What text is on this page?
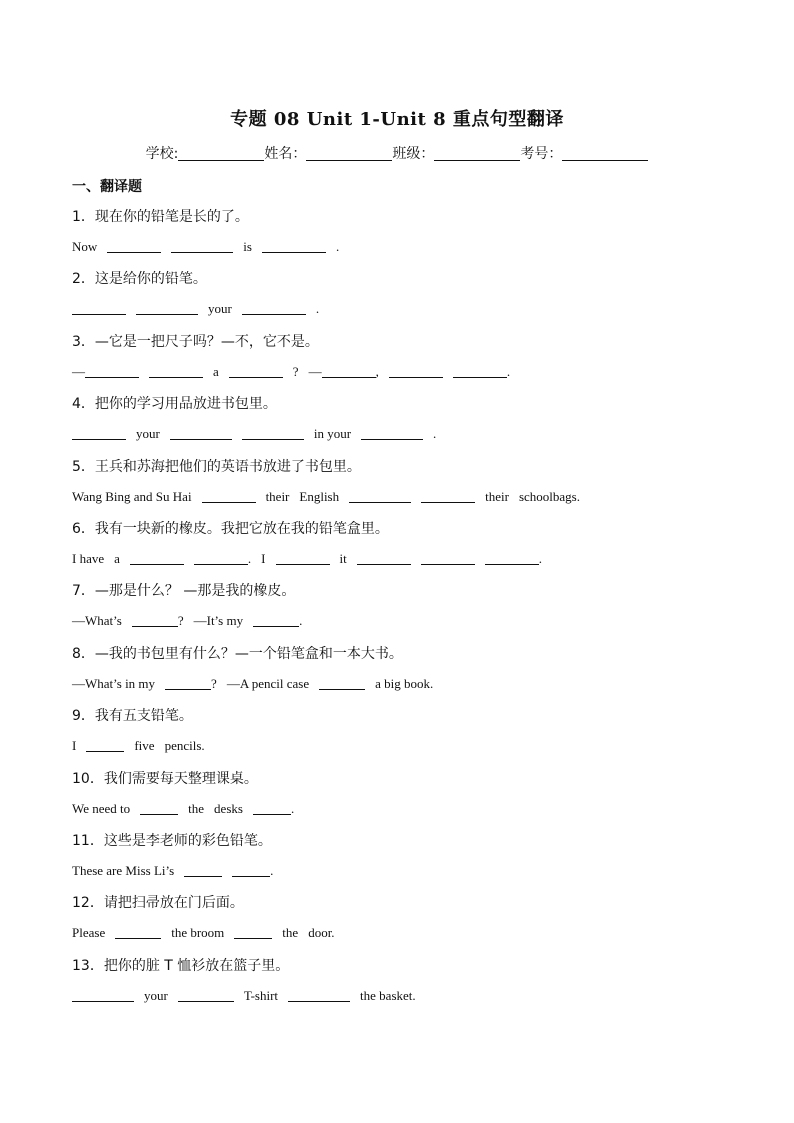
专题 08 Unit 1-Unit 8 重点句型翻译
学校:	姓名：	班级：	考号：
一、翻译题
1．现在你的铅笔是长的了。
Now	is	.
2．这是给你的铅笔。
your	.
3．—它是一把尺子吗？—不，它不是。
—	a	? —	,	.
4．把你的学习用品放进书包里。
your	in your	.
5．王兵和苏海把他们的英语书放进了书包里。
Wang Bing and Su Hai	their English	their schoolbags.
6．我有一块新的橡皮。我把它放在我的铅笔盒里。
I have a	. I	it	.
7．—那是什么？ —那是我的橡皮。
—What’s	? —It’s my	.
8．—我的书包里有什么？—一个铅笔盒和一本大书。
—What’s in my	? —A pencil case	a big book.
9．我有五支铅笔。
I	five pencils.
10．我们需要每天整理课桌。
We need to	the desks	.
11．这些是李老师的彩色铅笔。
These are Miss Li’s	.
12．请把扫帚放在门后面。
Please	the broom	the door.
13．把你的脏 T 恤衫放在篮子里。
your	T-shirt	the basket.
